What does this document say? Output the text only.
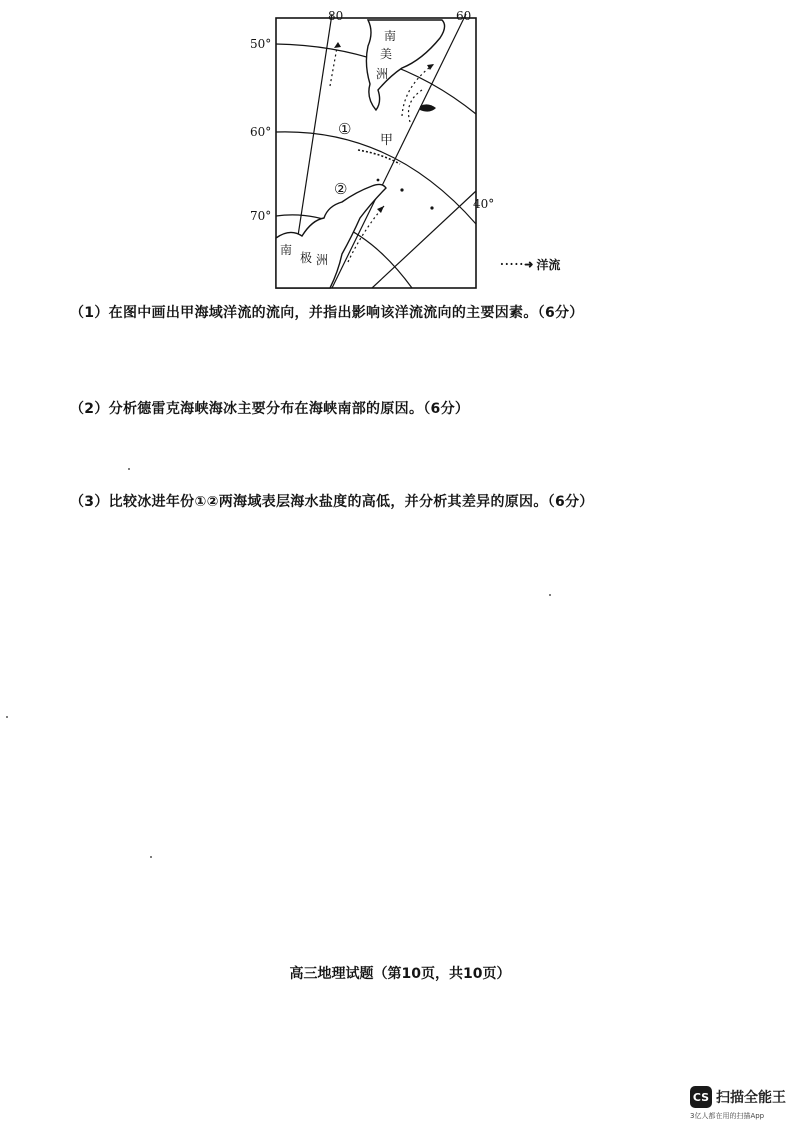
80	60
50°
60°
70°
40°
南
美
洲
南
极 洲
①
甲
②
·····➜ 洋流
（1）在图中画出甲海域洋流的流向，并指出影响该洋流流向的主要因素。（6分）
（2）分析德雷克海峡海冰主要分布在海峡南部的原因。（6分）
（3）比较冰进年份①②两海域表层海水盐度的高低，并分析其差异的原因。（6分）
高三地理试题（第10页，共10页）
CS 扫描全能王
3亿人都在用的扫描App
